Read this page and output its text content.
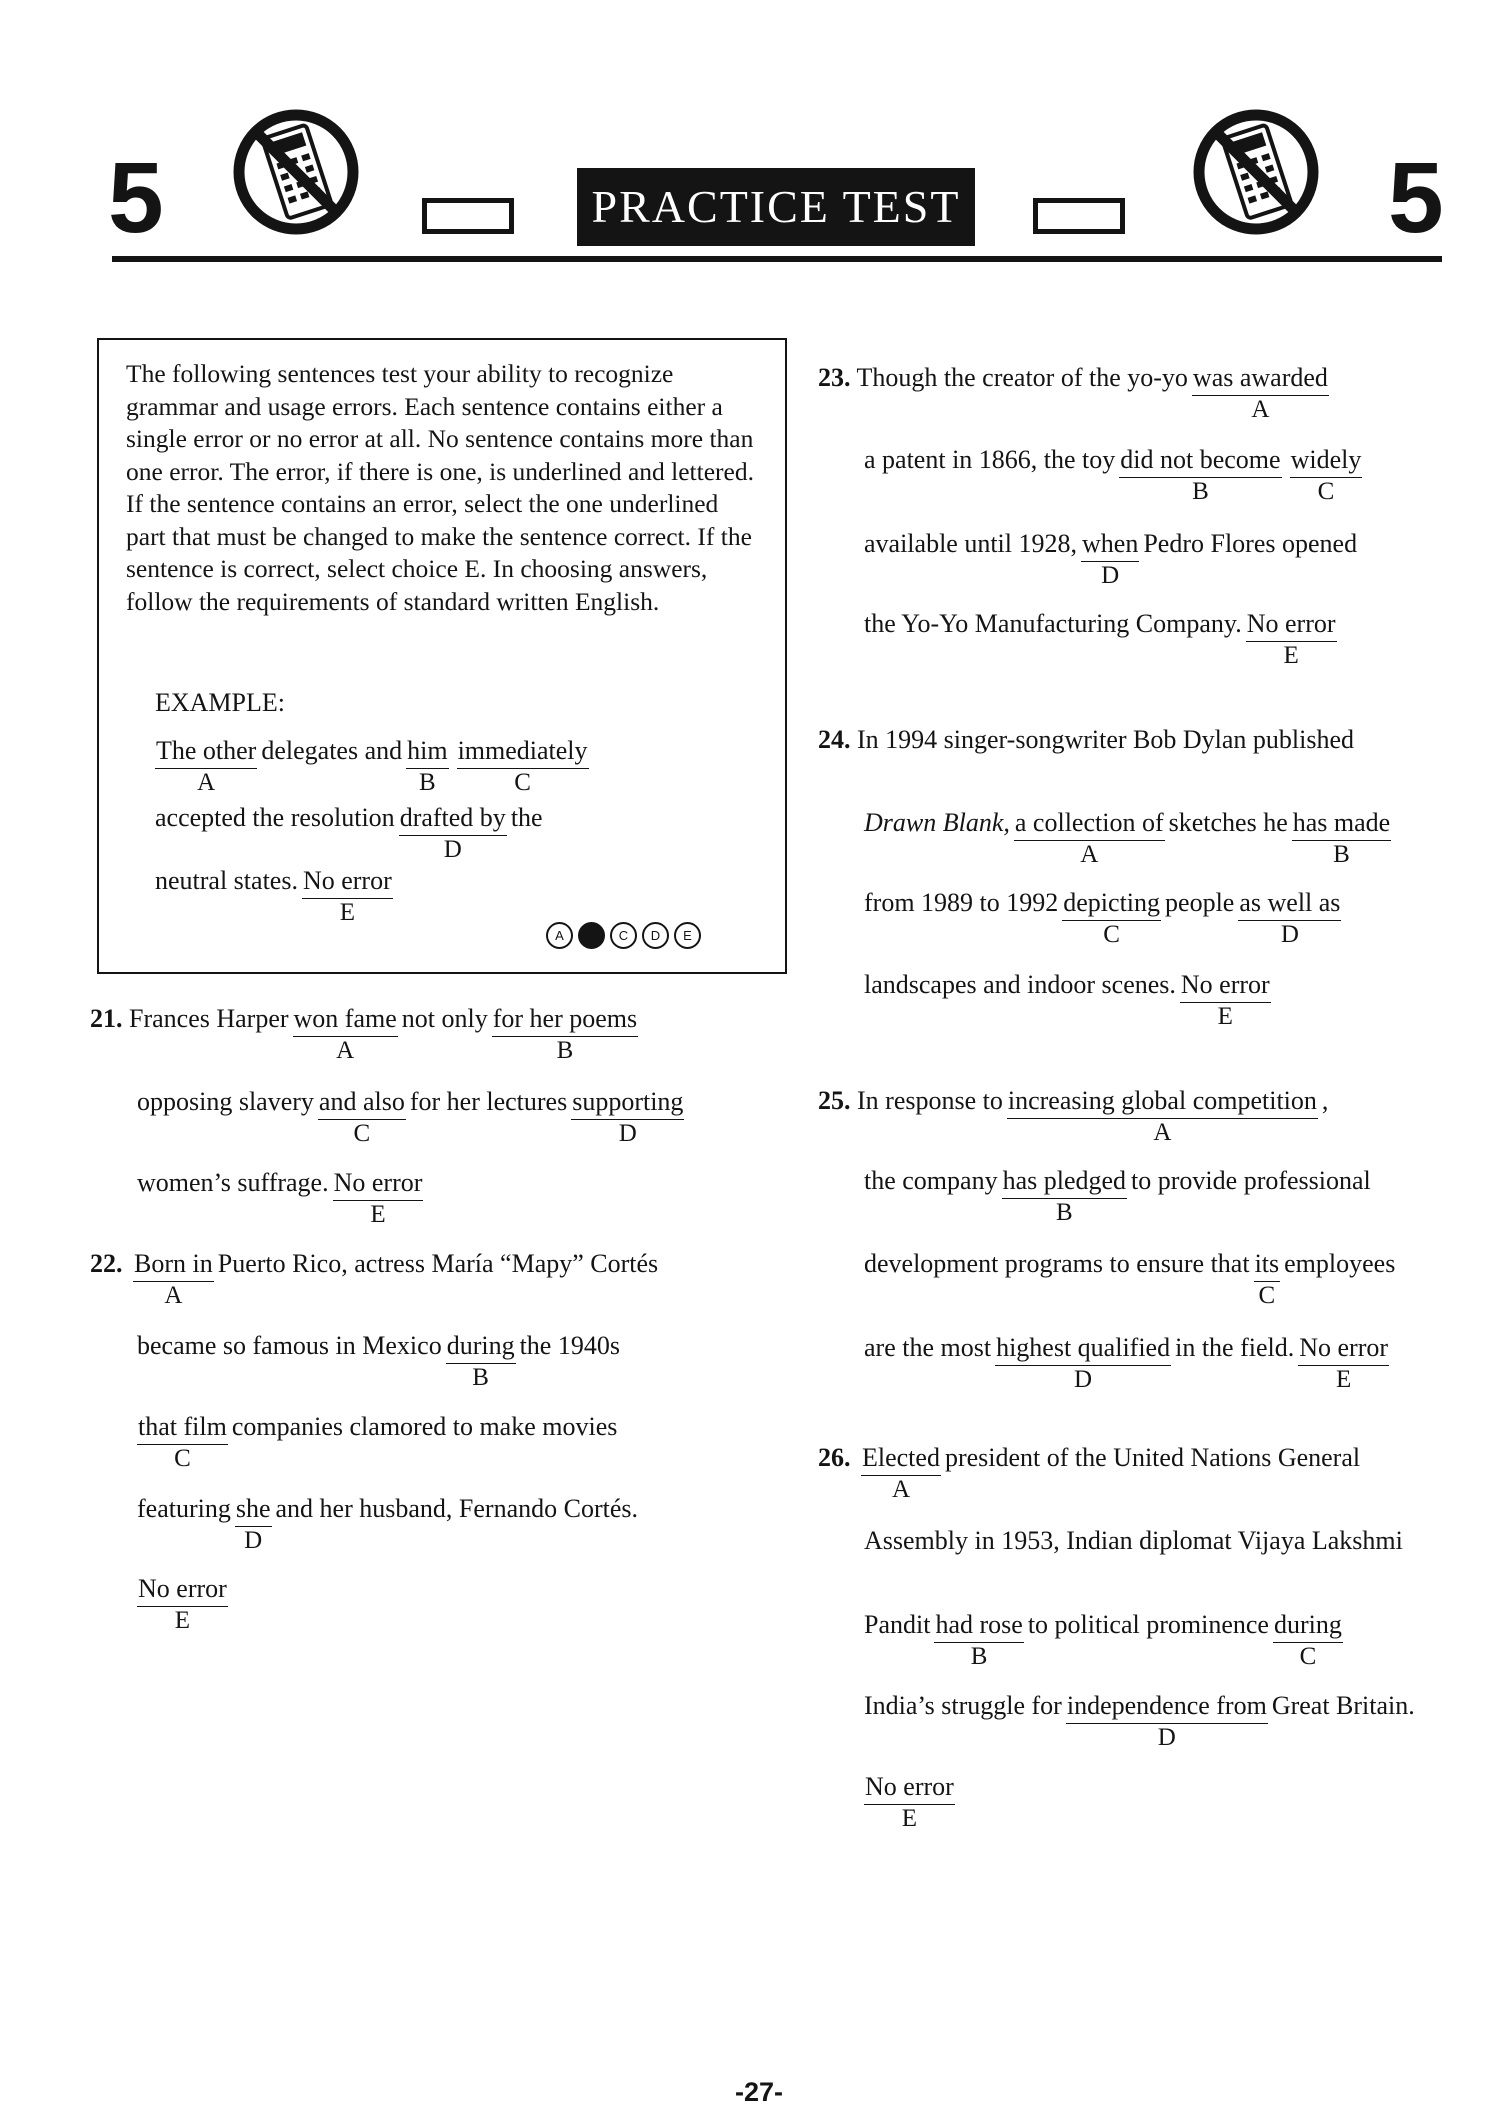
5	PRACTICE TEST	5
The following sentences test your ability to recognize grammar and usage errors. Each sentence contains either a single error or no error at all. No sentence contains more than one error. The error, if there is one, is underlined and lettered. If the sentence contains an error, select the one underlined part that must be changed to make the sentence correct. If the sentence is correct, select choice E. In choosing answers, follow the requirements of standard written English.
EXAMPLE:
The other
A
delegates and him
B
immediately
C
accepted the resolution drafted by
D
the
neutral states. No error
E
A	B	C	D	E
21. Frances Harper won fame
A
not only for her poems
B
opposing slavery and also
C
for her lectures supporting
D
women’s suffrage. No error
E
22. Born in
A
Puerto Rico, actress María “Mapy” Cortés
became so famous in Mexico during
B
the 1940s
that film
C
companies clamored to make movies
featuring she
D
and her husband, Fernando Cortés.
No error
E
23. Though the creator of the yo-yo was awarded
A
a patent in 1866, the toy did not become
B
widely
C
available until 1928, when
D
Pedro Flores opened
the Yo-Yo Manufacturing Company. No error
E
24. In 1994 singer-songwriter Bob Dylan published
Drawn Blank, a collection of
A
sketches he has made
B
from 1989 to 1992 depicting
C
people as well as
D
landscapes and indoor scenes. No error
E
25. In response to increasing global competition
A
,
the company has pledged
B
to provide professional
development programs to ensure that its
C
employees
are the most highest qualified
D
in the field. No error
E
26. Elected
A
president of the United Nations General
Assembly in 1953, Indian diplomat Vijaya Lakshmi
Pandit had rose
B
to political prominence during
C
India’s struggle for independence from
D
Great Britain.
No error
E
-27-
